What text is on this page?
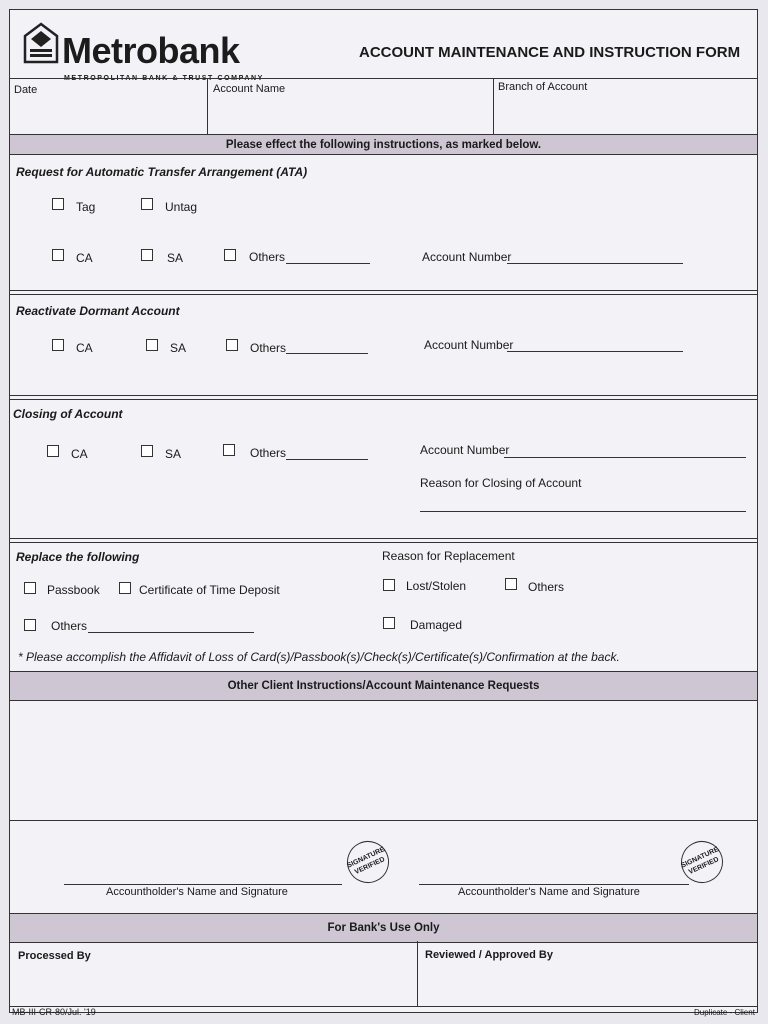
Metrobank
METROPOLITAN BANK & TRUST COMPANY
ACCOUNT MAINTENANCE AND INSTRUCTION FORM
Date	Account Name	Branch of Account
Please effect the following instructions, as marked below.
Request for Automatic Transfer Arrangement (ATA)
Tag	Untag
CA	SA	Others	Account Number
Reactivate Dormant Account
CA	SA	Others	Account Number
Closing of Account
CA	SA	Others	Account Number
Reason for Closing of Account
Replace the following	Reason for Replacement
Passbook	Certificate of Time Deposit	Lost/Stolen	Others
Others	Damaged
* Please accomplish the Affidavit of Loss of Card(s)/Passbook(s)/Check(s)/Certificate(s)/Confirmation at the back.
Other Client Instructions/Account Maintenance Requests
Accountholder's Name and Signature
SIGNATURE VERIFIED
Accountholder's Name and Signature
SIGNATURE VERIFIED
For Bank's Use Only
Processed By	Reviewed / Approved By
MB-III-CR-80/Jul. '19	Duplicate - Client
